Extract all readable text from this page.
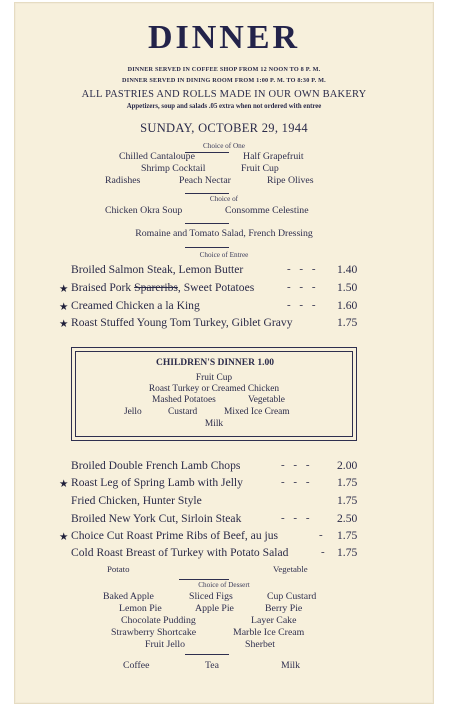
DINNER
DINNER SERVED IN COFFEE SHOP FROM 12 NOON TO 8 P. M.
DINNER SERVED IN DINING ROOM FROM 1:00 P. M. TO 8:30 P. M.
ALL PASTRIES AND ROLLS MADE IN OUR OWN BAKERY
Appetizers, soup and salads .05 extra when not ordered with entree
SUNDAY, OCTOBER 29, 1944
Choice of One
Chilled Cantaloupe	Half Grapefruit
Shrimp Cocktail	Fruit Cup
Radishes	Peach Nectar	Ripe Olives
Choice of
Chicken Okra Soup	Consomme Celestine
Romaine and Tomato Salad, French Dressing
Choice of Entree
Broiled Salmon Steak, Lemon Butter	- - - 1.40
★ Braised Pork Spareribs, Sweet Potatoes	- - - 1.50
★ Creamed Chicken a la King	- - - 1.60
★ Roast Stuffed Young Tom Turkey, Giblet Gravy	1.75
CHILDREN'S DINNER 1.00
Fruit Cup
Roast Turkey or Creamed Chicken
Mashed Potatoes	Vegetable
Jello	Custard	Mixed Ice Cream
Milk
Broiled Double French Lamb Chops	- - - 2.00
★ Roast Leg of Spring Lamb with Jelly	- - - 1.75
Fried Chicken, Hunter Style	1.75
Broiled New York Cut, Sirloin Steak	- - - 2.50
★ Choice Cut Roast Prime Ribs of Beef, au jus	- 1.75
Cold Roast Breast of Turkey with Potato Salad	- 1.75
Potato	Vegetable
Choice of Dessert
Baked Apple	Sliced Figs	Cup Custard
Lemon Pie	Apple Pie	Berry Pie
Chocolate Pudding	Layer Cake
Strawberry Shortcake	Marble Ice Cream
Fruit Jello	Sherbet
Coffee	Tea	Milk
